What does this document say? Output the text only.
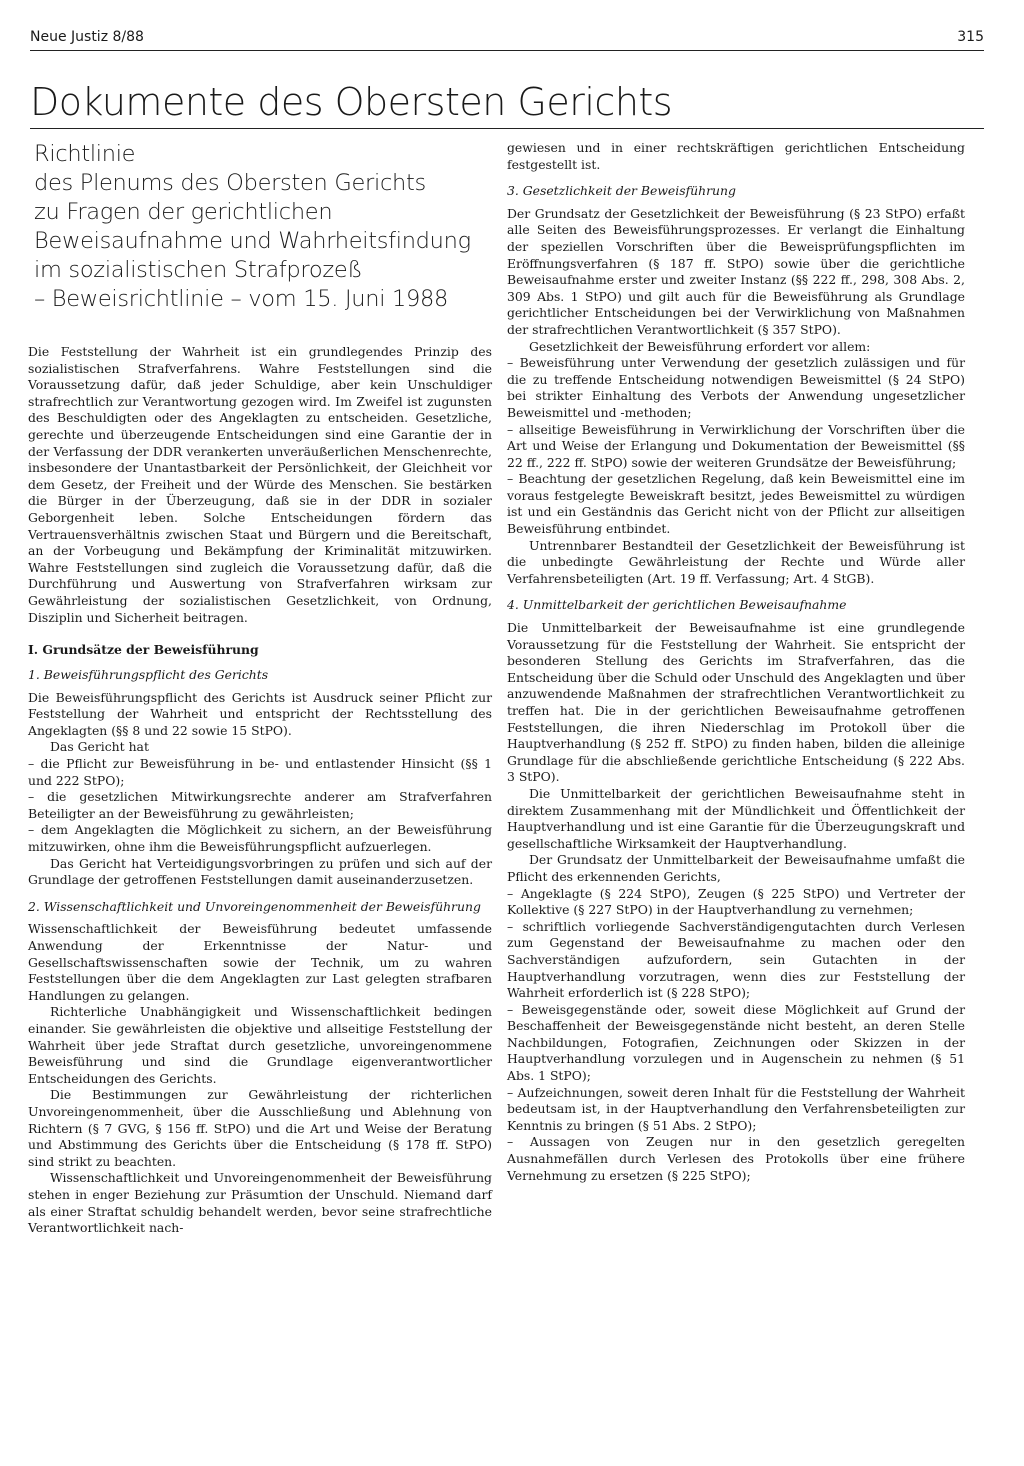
Neue Justiz 8/88	315
Dokumente des Obersten Gerichts
Richtlinie
des Plenums des Obersten Gerichts
zu Fragen der gerichtlichen
Beweisaufnahme und Wahrheitsfindung
im sozialistischen Strafprozeß
– Beweisrichtlinie – vom 15. Juni 1988

Die Feststellung der Wahrheit ist ein grundlegendes Prinzip des sozialistischen Strafverfahrens. Wahre Feststellungen sind die Voraussetzung dafür, daß jeder Schuldige, aber kein Unschuldiger strafrechtlich zur Verantwortung gezogen wird. Im Zweifel ist zugunsten des Beschuldigten oder des Angeklagten zu entscheiden. Gesetzliche, gerechte und überzeugende Entscheidungen sind eine Garantie der in der Verfassung der DDR verankerten unveräußerlichen Menschenrechte, insbesondere der Unantastbarkeit der Persönlichkeit, der Gleichheit vor dem Gesetz, der Freiheit und der Würde des Menschen. Sie bestärken die Bürger in der Überzeugung, daß sie in der DDR in sozialer Geborgenheit leben. Solche Entscheidungen fördern das Vertrauensverhältnis zwischen Staat und Bürgern und die Bereitschaft, an der Vorbeugung und Bekämpfung der Kriminalität mitzuwirken. Wahre Feststellungen sind zugleich die Voraussetzung dafür, daß die Durchführung und Auswertung von Strafverfahren wirksam zur Gewährleistung der sozialistischen Gesetzlichkeit, von Ordnung, Disziplin und Sicherheit beitragen.

I. Grundsätze der Beweisführung
1. Beweisführungspflicht des Gerichts

Die Beweisführungspflicht des Gerichts ist Ausdruck seiner Pflicht zur Feststellung der Wahrheit und entspricht der Rechtsstellung des Angeklagten (§§ 8 und 22 sowie 15 StPO).

Das Gericht hat

– die Pflicht zur Beweisführung in be- und entlastender Hinsicht (§§ 1 und 222 StPO);
– die gesetzlichen Mitwirkungsrechte anderer am Strafverfahren Beteiligter an der Beweisführung zu gewährleisten;
– dem Angeklagten die Möglichkeit zu sichern, an der Beweisführung mitzuwirken, ohne ihm die Beweisführungspflicht aufzuerlegen.

Das Gericht hat Verteidigungsvorbringen zu prüfen und sich auf der Grundlage der getroffenen Feststellungen damit auseinanderzusetzen.

2. Wissenschaftlichkeit und Unvoreingenommenheit der Beweisführung

Wissenschaftlichkeit der Beweisführung bedeutet umfassende Anwendung der Erkenntnisse der Natur- und Gesellschaftswissenschaften sowie der Technik, um zu wahren Feststellungen über die dem Angeklagten zur Last gelegten strafbaren Handlungen zu gelangen.

Richterliche Unabhängigkeit und Wissenschaftlichkeit bedingen einander. Sie gewährleisten die objektive und allseitige Feststellung der Wahrheit über jede Straftat durch gesetzliche, unvoreingenommene Beweisführung und sind die Grundlage eigenverantwortlicher Entscheidungen des Gerichts.

Die Bestimmungen zur Gewährleistung der richterlichen Unvoreingenommenheit, über die Ausschließung und Ablehnung von Richtern (§ 7 GVG, § 156 ff. StPO) und die Art und Weise der Beratung und Abstimmung des Gerichts über die Entscheidung (§ 178 ff. StPO) sind strikt zu beachten.

Wissenschaftlichkeit und Unvoreingenommenheit der Beweisführung stehen in enger Beziehung zur Präsumtion der Unschuld. Niemand darf als einer Straftat schuldig behandelt werden, bevor seine strafrechtliche Verantwortlichkeit nach-

gewiesen und in einer rechtskräftigen gerichtlichen Entscheidung festgestellt ist.

3. Gesetzlichkeit der Beweisführung

Der Grundsatz der Gesetzlichkeit der Beweisführung (§ 23 StPO) erfaßt alle Seiten des Beweisführungsprozesses. Er verlangt die Einhaltung der speziellen Vorschriften über die Beweisprüfungspflichten im Eröffnungsverfahren (§ 187 ff. StPO) sowie über die gerichtliche Beweisaufnahme erster und zweiter Instanz (§§ 222 ff., 298, 308 Abs. 2, 309 Abs. 1 StPO) und gilt auch für die Beweisführung als Grundlage gerichtlicher Entscheidungen bei der Verwirklichung von Maßnahmen der strafrechtlichen Verantwortlichkeit (§ 357 StPO).

Gesetzlichkeit der Beweisführung erfordert vor allem:

– Beweisführung unter Verwendung der gesetzlich zulässigen und für die zu treffende Entscheidung notwendigen Beweismittel (§ 24 StPO) bei strikter Einhaltung des Verbots der Anwendung ungesetzlicher Beweismittel und -methoden;
– allseitige Beweisführung in Verwirklichung der Vorschriften über die Art und Weise der Erlangung und Dokumentation der Beweismittel (§§ 22 ff., 222 ff. StPO) sowie der weiteren Grundsätze der Beweisführung;
– Beachtung der gesetzlichen Regelung, daß kein Beweismittel eine im voraus festgelegte Beweiskraft besitzt, jedes Beweismittel zu würdigen ist und ein Geständnis das Gericht nicht von der Pflicht zur allseitigen Beweisführung entbindet.

Untrennbarer Bestandteil der Gesetzlichkeit der Beweisführung ist die unbedingte Gewährleistung der Rechte und Würde aller Verfahrensbeteiligten (Art. 19 ff. Verfassung; Art. 4 StGB).

4. Unmittelbarkeit der gerichtlichen Beweisaufnahme

Die Unmittelbarkeit der Beweisaufnahme ist eine grundlegende Voraussetzung für die Feststellung der Wahrheit. Sie entspricht der besonderen Stellung des Gerichts im Strafverfahren, das die Entscheidung über die Schuld oder Unschuld des Angeklagten und über anzuwendende Maßnahmen der strafrechtlichen Verantwortlichkeit zu treffen hat. Die in der gerichtlichen Beweisaufnahme getroffenen Feststellungen, die ihren Niederschlag im Protokoll über die Hauptverhandlung (§ 252 ff. StPO) zu finden haben, bilden die alleinige Grundlage für die abschließende gerichtliche Entscheidung (§ 222 Abs. 3 StPO).

Die Unmittelbarkeit der gerichtlichen Beweisaufnahme steht in direktem Zusammenhang mit der Mündlichkeit und Öffentlichkeit der Hauptverhandlung und ist eine Garantie für die Überzeugungskraft und gesellschaftliche Wirksamkeit der Hauptverhandlung.

Der Grundsatz der Unmittelbarkeit der Beweisaufnahme umfaßt die Pflicht des erkennenden Gerichts,

– Angeklagte (§ 224 StPO), Zeugen (§ 225 StPO) und Vertreter der Kollektive (§ 227 StPO) in der Hauptverhandlung zu vernehmen;
– schriftlich vorliegende Sachverständigengutachten durch Verlesen zum Gegenstand der Beweisaufnahme zu machen oder den Sachverständigen aufzufordern, sein Gutachten in der Hauptverhandlung vorzutragen, wenn dies zur Feststellung der Wahrheit erforderlich ist (§ 228 StPO);
– Beweisgegenstände oder, soweit diese Möglichkeit auf Grund der Beschaffenheit der Beweisgegenstände nicht besteht, an deren Stelle Nachbildungen, Fotografien, Zeichnungen oder Skizzen in der Hauptverhandlung vorzulegen und in Augenschein zu nehmen (§ 51 Abs. 1 StPO);
– Aufzeichnungen, soweit deren Inhalt für die Feststellung der Wahrheit bedeutsam ist, in der Hauptverhandlung den Verfahrensbeteiligten zur Kenntnis zu bringen (§ 51 Abs. 2 StPO);
– Aussagen von Zeugen nur in den gesetzlich geregelten Ausnahmefällen durch Verlesen des Protokolls über eine frühere Vernehmung zu ersetzen (§ 225 StPO);
